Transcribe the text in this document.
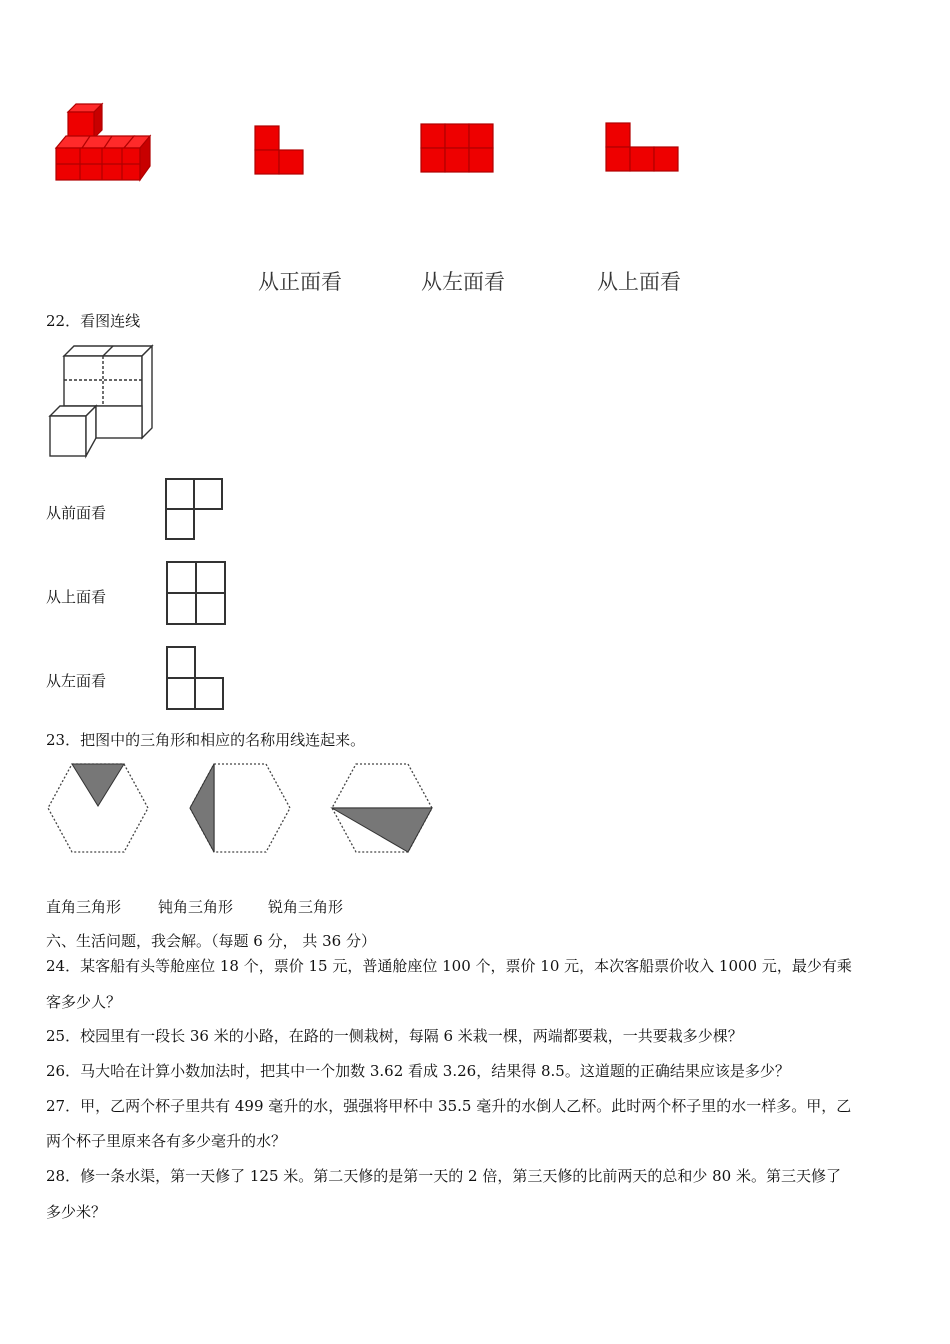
从正面看	从左面看	从上面看
22．看图连线
从前面看
从上面看
从左面看
23．把图中的三角形和相应的名称用线连起来。
直角三角形 钝角三角形 锐角三角形
六、生活问题，我会解。（每题 6 分， 共 36 分）
24．某客船有头等舱座位 18 个，票价 15 元，普通舱座位 100 个，票价 10 元，本次客船票价收入 1000 元，最少有乘
客多少人？
25．校园里有一段长 36 米的小路，在路的一侧栽树，每隔 6 米栽一棵，两端都要栽，一共要栽多少棵？
26．马大哈在计算小数加法时，把其中一个加数 3.62 看成 3.26，结果得 8.5。这道题的正确结果应该是多少？
27．甲，乙两个杯子里共有 499 毫升的水，强强将甲杯中 35.5 毫升的水倒人乙杯。此时两个杯子里的水一样多。甲，乙
两个杯子里原来各有多少毫升的水？
28．修一条水渠，第一天修了 125 米。第二天修的是第一天的 2 倍，第三天修的比前两天的总和少 80 米。第三天修了
多少米？
